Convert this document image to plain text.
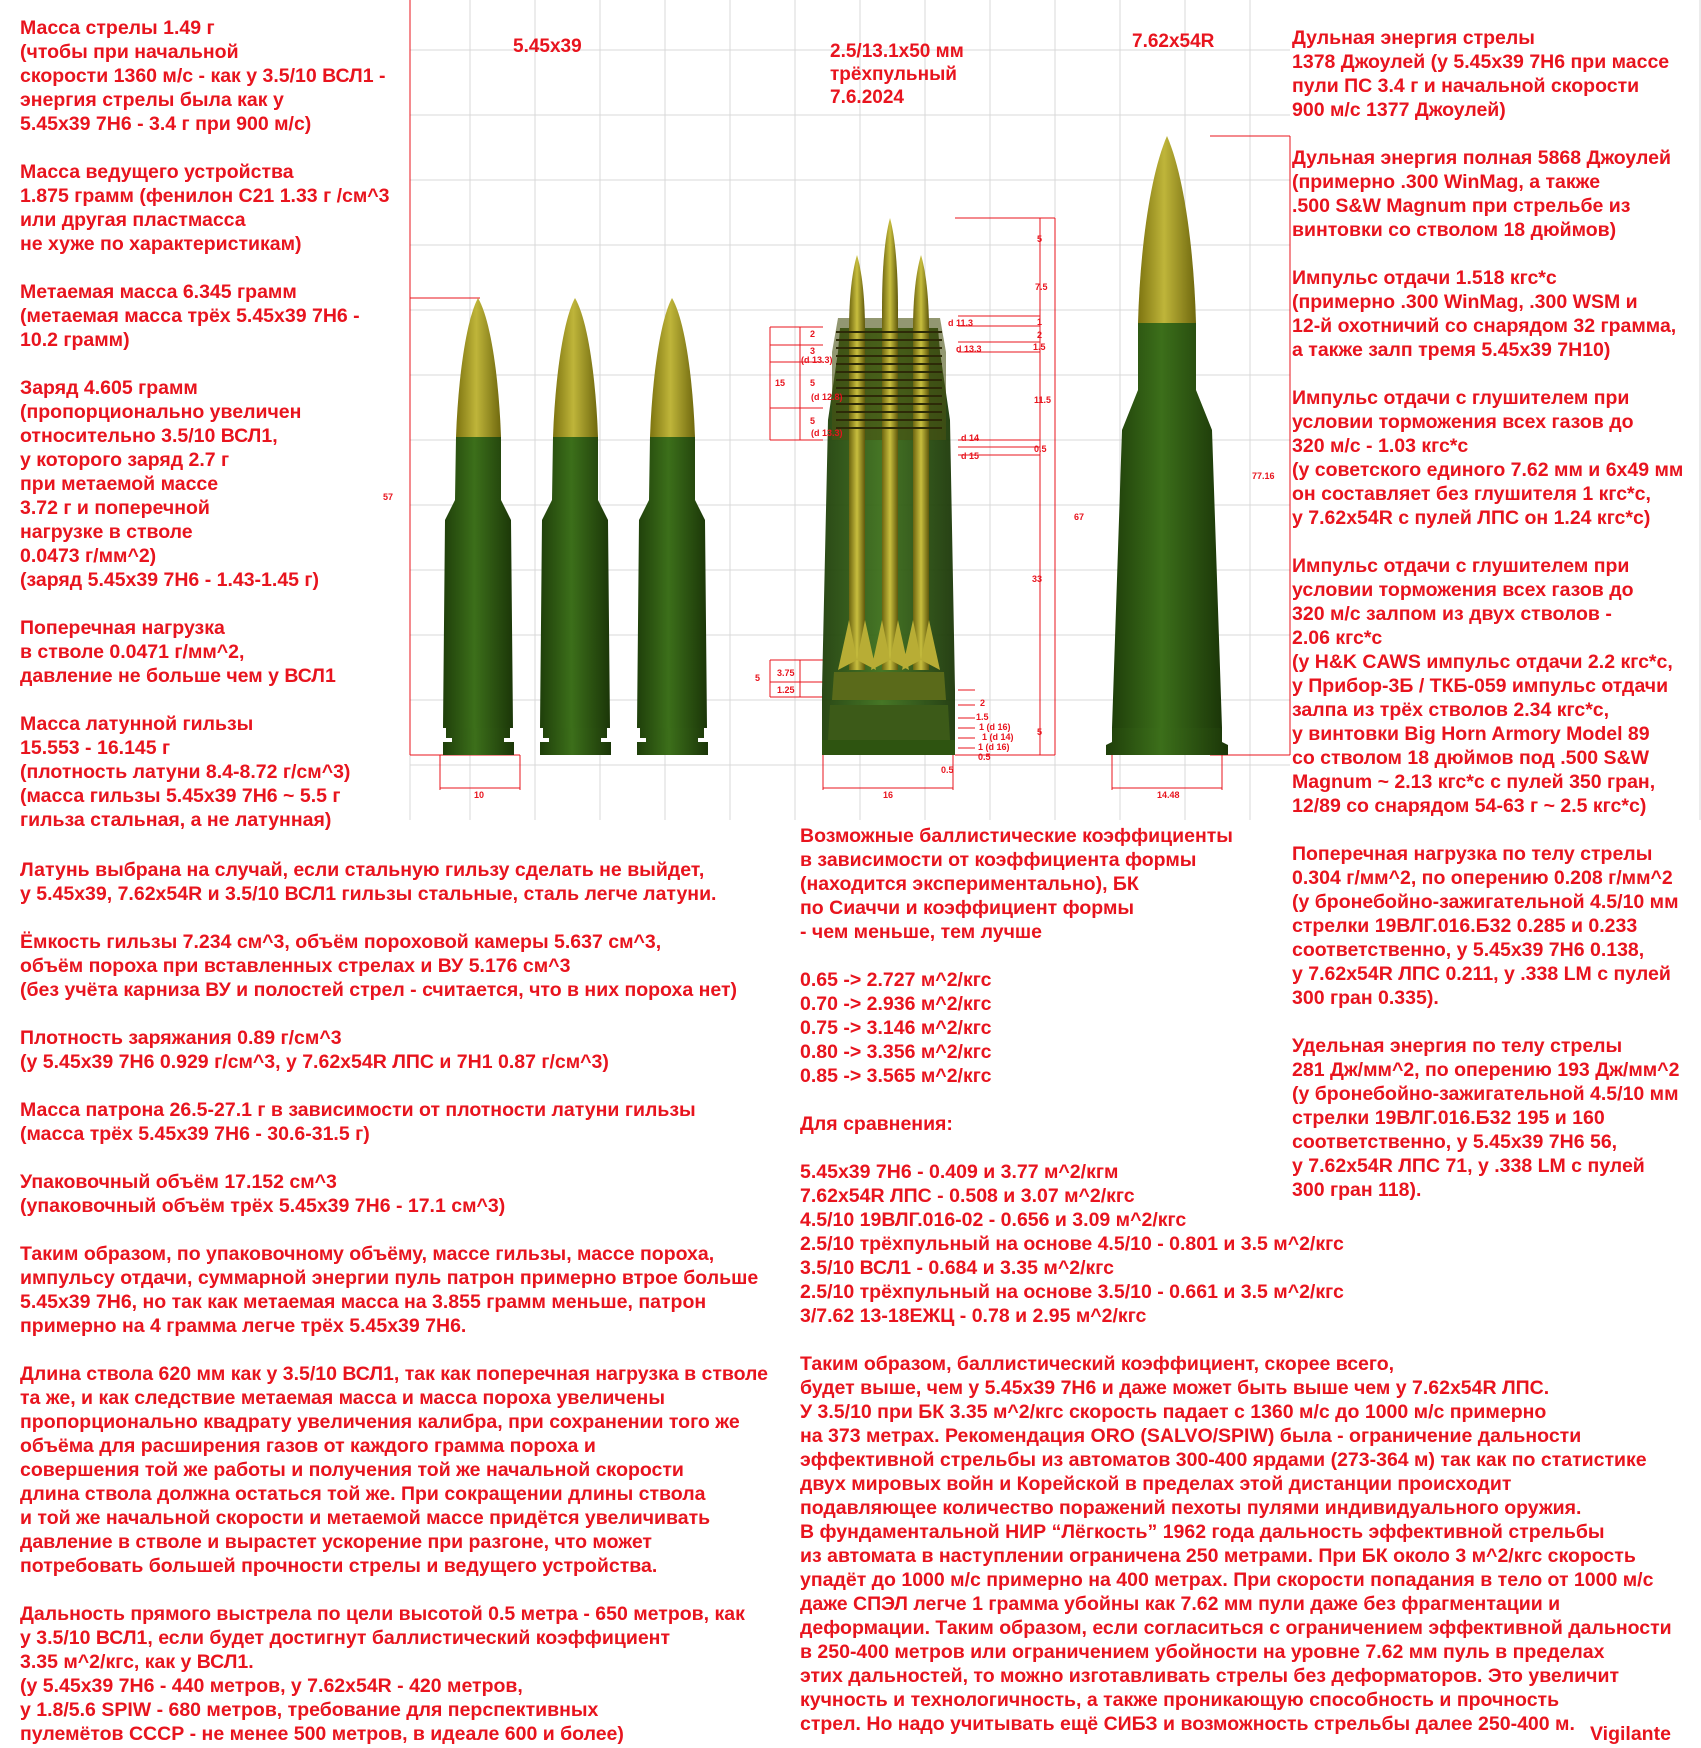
57
10	16
67
33
15
2
3
5
5
(d 13.3)
(d 12.8)
(d 13.3)
5
7.5
1
2
1.5
11.5
0.5
d 11.3
d 13.3
d 14
d 15
5 3.75
1.25
2
1.5
1 (d 16)
1 (d 14)
1 (d 16)
0.5
5
0.5
77.16
14.48
5.45x39	2.5/13.1x50 мм
трёхпульный
7.6.2024
7.62x54R

Масса стрелы 1.49 г
(чтобы при начальной
скорости 1360 м/с - как у 3.5/10 ВСЛ1 -
энергия стрелы была как у
5.45x39 7Н6 - 3.4 г при 900 м/с)

Масса ведущего устройства
1.875 грамм (фенилон С21 1.33 г /см^3
или другая пластмасса
не хуже по характеристикам)

Метаемая масса 6.345 грамм
(метаемая масса трёх 5.45x39 7Н6 -
10.2 грамм)

Заряд 4.605 грамм
(пропорционально увеличен
относительно 3.5/10 ВСЛ1,
у которого заряд 2.7 г
при метаемой массе
3.72 г и поперечной
нагрузке в стволе
0.0473 г/мм^2)
(заряд 5.45x39 7Н6 - 1.43-1.45 г)

Поперечная нагрузка
в стволе 0.0471 г/мм^2,
давление не больше чем у ВСЛ1

Масса латунной гильзы
15.553 - 16.145 г
(плотность латуни 8.4-8.72 г/см^3)
(масса гильзы 5.45x39 7Н6 ~ 5.5 г
гильза стальная, а не латунная)

Латунь выбрана на случай, если стальную гильзу сделать не выйдет,
у 5.45x39, 7.62x54R и 3.5/10 ВСЛ1 гильзы стальные, сталь легче латуни.

Ёмкость гильзы 7.234 см^3, объём пороховой камеры 5.637 см^3,
объём пороха при вставленных стрелах и ВУ 5.176 см^3
(без учёта карниза ВУ и полостей стрел - считается, что в них пороха нет)

Плотность заряжания 0.89 г/см^3
(у 5.45x39 7Н6 0.929 г/см^3, у 7.62x54R ЛПС и 7Н1 0.87 г/см^3)

Масса патрона 26.5-27.1 г в зависимости от плотности латуни гильзы
(масса трёх 5.45x39 7Н6 - 30.6-31.5 г)

Упаковочный объём 17.152 см^3
(упаковочный объём трёх 5.45x39 7Н6 - 17.1 см^3)

Таким образом, по упаковочному объёму, массе гильзы, массе пороха,
импульсу отдачи, суммарной энергии пуль патрон примерно втрое больше
5.45x39 7Н6, но так как метаемая масса на 3.855 грамм меньше, патрон
примерно на 4 грамма легче трёх 5.45x39 7Н6.

Длина ствола 620 мм как у 3.5/10 ВСЛ1, так как поперечная нагрузка в стволе
та же, и как следствие метаемая масса и масса пороха увеличены
пропорционально квадрату увеличения калибра, при сохранении того же
объёма для расширения газов от каждого грамма пороха и
совершения той же работы и получения той же начальной скорости
длина ствола должна остаться той же. При сокращении длины ствола
и той же начальной скорости и метаемой массе придётся увеличивать
давление в стволе и вырастет ускорение при разгоне, что может
потребовать большей прочности стрелы и ведущего устройства.

Дальность прямого выстрела по цели высотой 0.5 метра - 650 метров, как
у 3.5/10 ВСЛ1, если будет достигнут баллистический коэффициент
3.35 м^2/кгс, как у ВСЛ1.
(у 5.45x39 7Н6 - 440 метров, у 7.62x54R - 420 метров,
у 1.8/5.6 SPIW - 680 метров, требование для перспективных
пулемётов СССР - не менее 500 метров, в идеале 600 и более)

Возможные баллистические коэффициенты
в зависимости от коэффициента формы
(находится экспериментально), БК
по Сиаччи и коэффициент формы
- чем меньше, тем лучше

0.65 -> 2.727 м^2/кгс
0.70 -> 2.936 м^2/кгс
0.75 -> 3.146 м^2/кгс
0.80 -> 3.356 м^2/кгс
0.85 -> 3.565 м^2/кгс

Для сравнения:

5.45x39 7Н6 - 0.409 и 3.77 м^2/кгм
7.62x54R ЛПС - 0.508 и 3.07 м^2/кгс
4.5/10 19ВЛГ.016-02 - 0.656 и 3.09 м^2/кгс
2.5/10 трёхпульный на основе 4.5/10 - 0.801 и 3.5 м^2/кгс
3.5/10 ВСЛ1 - 0.684 и 3.35 м^2/кгс
2.5/10 трёхпульный на основе 3.5/10 - 0.661 и 3.5 м^2/кгс
3/7.62 13-18ЕЖЦ - 0.78 и 2.95 м^2/кгс

Таким образом, баллистический коэффициент, скорее всего,
будет выше, чем у 5.45x39 7Н6 и даже может быть выше чем у 7.62x54R ЛПС.
У 3.5/10 при БК 3.35 м^2/кгс скорость падает с 1360 м/с до 1000 м/с примерно
на 373 метрах. Рекомендация ORO (SALVO/SPIW) была - ограничение дальности
эффективной стрельбы из автоматов 300-400 ярдами (273-364 м) так как по статистике
двух мировых войн и Корейской в пределах этой дистанции происходит
подавляющее количество поражений пехоты пулями индивидуального оружия.
В фундаментальной НИР “Лёгкость” 1962 года дальность эффективной стрельбы
из автомата в наступлении ограничена 250 метрами. При БК около 3 м^2/кгс скорость
упадёт до 1000 м/с примерно на 400 метрах. При скорости попадания в тело от 1000 м/с
даже СПЭЛ легче 1 грамма убойны как 7.62 мм пули даже без фрагментации и
деформации. Таким образом, если согласиться с ограничением эффективной дальности
в 250-400 метров или ограничением убойности на уровне 7.62 мм пуль в пределах
этих дальностей, то можно изготавливать стрелы без деформаторов. Это увеличит
кучность и технологичность, а также проникающую способность и прочность
стрел. Но надо учитывать ещё СИБЗ и возможность стрельбы далее 250-400 м.

Дульная энергия стрелы
1378 Джоулей (у 5.45x39 7Н6 при массе
пули ПС 3.4 г и начальной скорости
900 м/с 1377 Джоулей)

Дульная энергия полная 5868 Джоулей
(примерно .300 WinMag, а также
.500 S&W Magnum при стрельбе из
винтовки со стволом 18 дюймов)

Импульс отдачи 1.518 кгс*с
(примерно .300 WinMag, .300 WSM и
12-й охотничий со снарядом 32 грамма,
а также залп тремя 5.45x39 7Н10)

Импульс отдачи с глушителем при
условии торможения всех газов до
320 м/с - 1.03 кгс*с
(у советского единого 7.62 мм и 6х49 мм
он составляет без глушителя 1 кгс*с,
у 7.62x54R с пулей ЛПС он 1.24 кгс*с)

Импульс отдачи с глушителем при
условии торможения всех газов до
320 м/с залпом из двух стволов -
2.06 кгс*с
(у H&K CAWS импульс отдачи 2.2 кгс*с,
у Прибор-3Б / ТКБ-059 импульс отдачи
залпа из трёх стволов 2.34 кгс*с,
у винтовки Big Horn Armory Model 89
со стволом 18 дюймов под .500 S&W
Magnum ~ 2.13 кгс*с с пулей 350 гран,
12/89 со снарядом 54-63 г ~ 2.5 кгс*с)

Поперечная нагрузка по телу стрелы
0.304 г/мм^2, по оперению 0.208 г/мм^2
(у бронебойно-зажигательной 4.5/10 мм
стрелки 19ВЛГ.016.Б32 0.285 и 0.233
соответственно, у 5.45x39 7Н6 0.138,
у 7.62x54R ЛПС 0.211, у .338 LM с пулей
300 гран 0.335).

Удельная энергия по телу стрелы
281 Дж/мм^2, по оперению 193 Дж/мм^2
(у бронебойно-зажигательной 4.5/10 мм
стрелки 19ВЛГ.016.Б32 195 и 160
соответственно, у 5.45x39 7Н6 56,
у 7.62x54R ЛПС 71, у .338 LM с пулей
300 гран 118).

Vigilante
